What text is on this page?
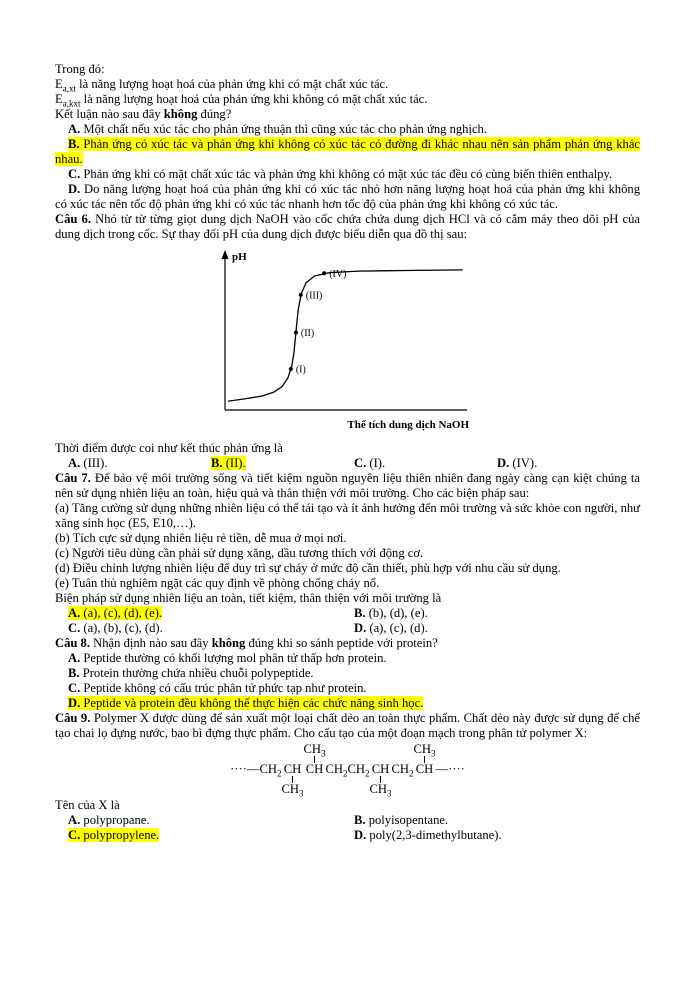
Trong đó:

$E_{a,xt}$ là năng lượng hoạt hoá của phản ứng khi có mặt chất xúc tác.

$E_{a,kxt}$ là năng lượng hoạt hoá của phản ứng khi không có mặt chất xúc tác.

Kết luận nào sau đây không đúng?

A. Một chất nếu xúc tác cho phản ứng thuận thì cũng xúc tác cho phản ứng nghịch.

B. Phản ứng có xúc tác và phản ứng khi không có xúc tác có đường đi khác nhau nên sản phẩm phản ứng khác nhau.

C. Phản ứng khi có mặt chất xúc tác và phản ứng khi không có mặt xúc tác đều có cùng biến thiên enthalpy.

D. Do năng lượng hoạt hoá của phản ứng khi có xúc tác nhỏ hơn năng lượng hoạt hoá của phản ứng khi không có xúc tác nên tốc độ phản ứng khi có xúc tác nhanh hơn tốc độ của phản ứng khi không có xúc tác.

Câu 6. Nhỏ từ từ từng giọt dung dịch NaOH vào cốc chứa chứa dung dịch HCl và có cắm máy theo dõi pH của dung dịch trong cốc. Sự thay đổi pH của dung dịch được biểu diễn qua đồ thị sau:

pH
(I)
(II)
(III)
(IV)
Thể tích dung dịch NaOH

Thời điểm được coi như kết thúc phản ứng là

A. (III).	B. (II).	C. (I).	D. (IV).

Câu 7. Để bảo vệ môi trường sống và tiết kiệm nguồn nguyên liệu thiên nhiên đang ngày càng cạn kiệt chúng ta nên sử dụng nhiên liệu an toàn, hiệu quả và thân thiện với môi trường. Cho các biện pháp sau:

(a) Tăng cường sử dụng những nhiên liệu có thể tái tạo và ít ảnh hưởng đến môi trường và sức khỏe con người, như xăng sinh học (E5, E10,…).

(b) Tích cực sử dụng nhiên liệu rẻ tiền, dễ mua ở mọi nơi.

(c) Người tiêu dùng cần phải sử dụng xăng, dầu tương thích với động cơ.

(d) Điều chỉnh lượng nhiên liệu để duy trì sự cháy ở mức độ cần thiết, phù hợp với nhu cầu sử dụng.

(e) Tuân thủ nghiêm ngặt các quy định về phòng chống cháy nổ.

Biện pháp sử dụng nhiên liệu an toàn, tiết kiệm, thân thiện với môi trường là

A. (a), (c), (d), (e).	B. (b), (d), (e).

C. (a), (b), (c), (d).	D. (a), (c), (d).

Câu 8. Nhận định nào sau đây không đúng khi so sánh peptide với protein?

A. Peptide thường có khối lượng mol phân tử thấp hơn protein.

B. Protein thường chứa nhiều chuỗi polypeptide.

C. Peptide không có cấu trúc phân tử phức tạp như protein.

D. Peptide và protein đều không thể thực hiện các chức năng sinh học.

Câu 9. Polymer X được dùng để sản xuất một loại chất dẻo an toàn thực phẩm. Chất dẻo này được sử dụng để chế tạo chai lọ đựng nước, bao bì đựng thực phẩm. Cho cấu tạo của một đoạn mạch trong phân tử polymer X:

····— $CH_2$ CH
$CH_3$
$CH_3$
CH $CH_2$ $CH_2$ CH
$CH_3$
$CH_2$
$CH_3$
CH —····

Tên của X là

A. polypropane.	B. polyisopentane.

C. polypropylene.	D. poly(2,3-dimethylbutane).
